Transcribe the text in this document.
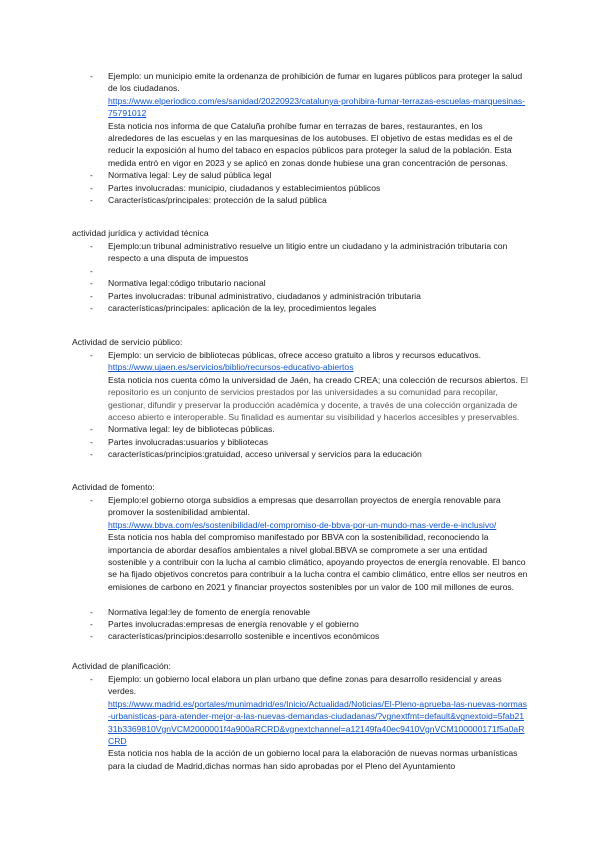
- Ejemplo: un municipio emite la ordenanza de prohibición de fumar en lugares públicos para proteger la salud de los ciudadanos.
https://www.elperiodico.com/es/sanidad/20220923/catalunya-prohibira-fumar-terrazas-escuelas-marquesinas-75791012
Esta noticia nos informa de que Cataluña prohíbe fumar en terrazas de bares, restaurantes, en los alrededores de las escuelas y en las marquesinas de los autobuses. El objetivo de estas medidas es el de reducir la exposición al humo del tabaco en espacios públicos para proteger la salud de la población. Esta medida entró en vigor en 2023 y se aplicó en zonas donde hubiese una gran concentración de personas.
- Normativa legal: Ley de salud pública legal
- Partes involucradas: municipio, ciudadanos y establecimientos públicos
- Características/principales: protección de la salud pública
actividad jurídica y actividad técnica
- Ejemplo:un tribunal administrativo resuelve un litigio entre un ciudadano y la administración tributaria con respecto a una disputa de impuestos
-
- Normativa legal:código tributario nacional
- Partes involucradas: tribunal administrativo, ciudadanos y administración tributaria
- características/principales: aplicación de la ley, procedimientos legales
Actividad de servicio público:
- Ejemplo: un servicio de bibliotecas públicas, ofrece acceso gratuito a libros y recursos educativos.
https://www.ujaen.es/servicios/biblio/recursos-educativo-abiertos
Esta noticia nos cuenta cómo la universidad de Jaén, ha creado CREA; una colección de recursos abiertos. El repositorio es un conjunto de servicios prestados por las universidades a su comunidad para recopilar, gestionar, difundir y preservar la producción académica y docente, a través de una colección organizada de acceso abierto e interoperable. Su finalidad es aumentar su visibilidad y hacerlos accesibles y preservables.
- Normativa legal: ley de bibliotecas públicas.
- Partes involucradas:usuarios y bibliotecas
- características/principios:gratuidad, acceso universal y servicios para la educación
Actividad de fomento:
- Ejemplo:el gobierno otorga subsidios a empresas que desarrollan proyectos de energía renovable para promover la sostenibilidad ambiental.
https://www.bbva.com/es/sostenibilidad/el-compromiso-de-bbva-por-un-mundo-mas-verde-e-inclusivo/
Esta noticia nos habla del compromiso manifestado por BBVA con la sostenibilidad, reconociendo la importancia de abordar desafíos ambientales a nivel global.BBVA se compromete a ser una entidad sostenible y a contribuir con la lucha al cambio climático, apoyando proyectos de energía renovable. El banco se ha fijado objetivos concretos para contribuir a la lucha contra el cambio climático, entre ellos ser neutros en emisiones de carbono en 2021 y financiar proyectos sostenibles por un valor de 100 mil millones de euros.
- Normativa legal:ley de fomento de energía renovable
- Partes involucradas:empresas de energía renovable y el gobierno
- características/principios:desarrollo sostenible e incentivos económicos
Actividad de planificación:
- Ejemplo: un gobierno local elabora un plan urbano que define zonas para desarrollo residencial y areas verdes.
https://www.madrid.es/portales/munimadrid/es/Inicio/Actualidad/Noticias/El-Pleno-aprueba-las-nuevas-normas-urbanisticas-para-atender-mejor-a-las-nuevas-demandas-ciudadanas/?vgnextfmt=default&vgnextoid=5fab2131b3369810VgnVCM2000001f4a900aRCRD&vgnextchannel=a12149fa40ec9410VgnVCM100000171f5a0aRCRD
Esta noticia nos habla de la acción de un gobierno local para la elaboración de nuevas normas urbanísticas para la ciudad de Madrid,dichas normas han sido aprobadas por el Pleno del Ayuntamiento
